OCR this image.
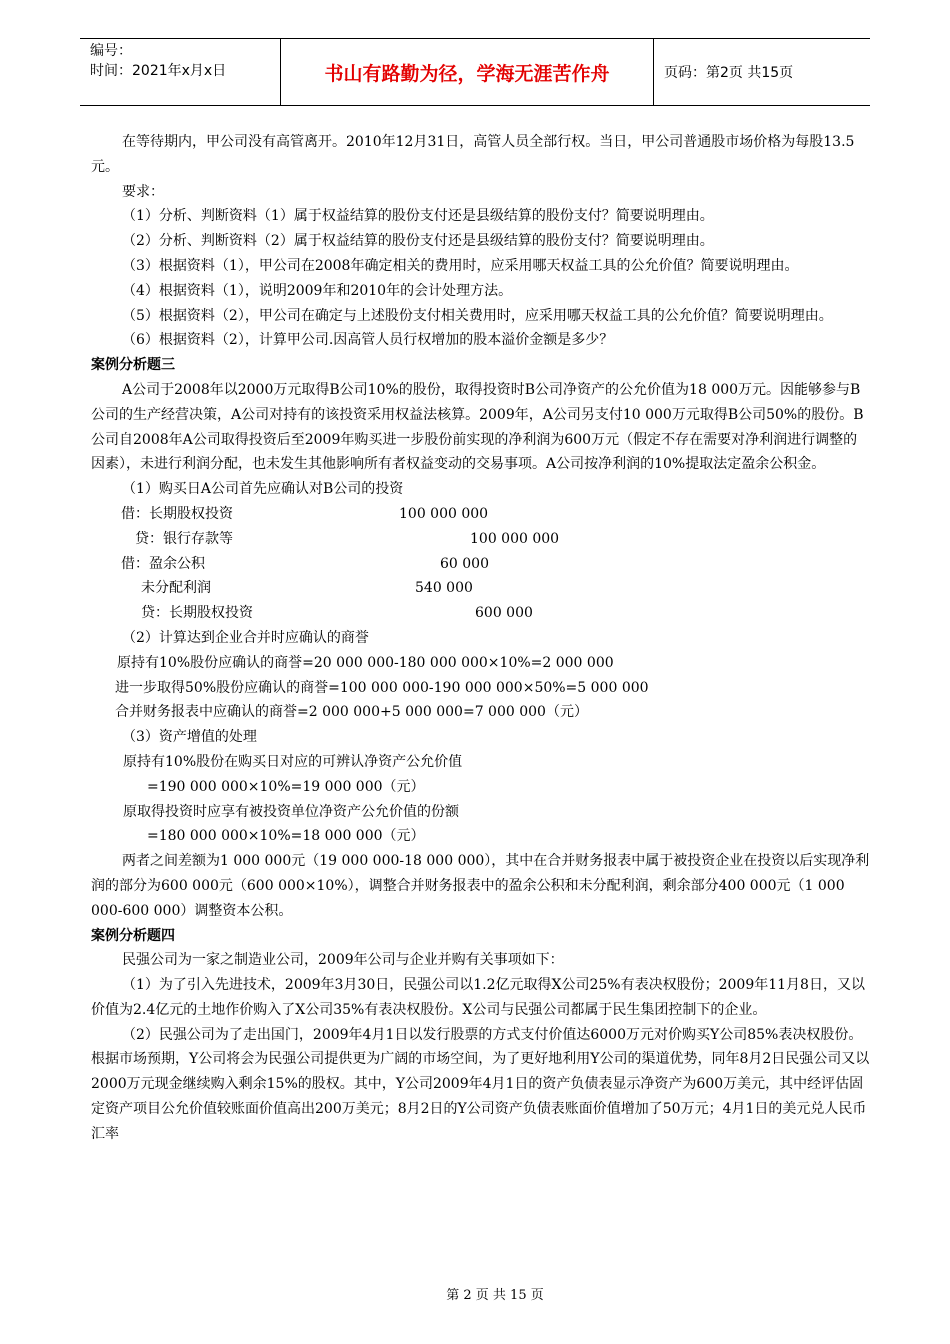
编号：
时间：2021年x月x日	书山有路勤为径，学海无涯苦作舟	页码：第2页 共15页

在等待期内，甲公司没有高管离开。2010年12月31日，高管人员全部行权。当日，甲公司普通股市场价格为每股13.5元。

要求：

（1）分析、判断资料（1）属于权益结算的股份支付还是县级结算的股份支付？简要说明理由。

（2）分析、判断资料（2）属于权益结算的股份支付还是县级结算的股份支付？简要说明理由。

（3）根据资料（1），甲公司在2008年确定相关的费用时，应采用哪天权益工具的公允价值？简要说明理由。

（4）根据资料（1），说明2009年和2010年的会计处理方法。

（5）根据资料（2），甲公司在确定与上述股份支付相关费用时，应采用哪天权益工具的公允价值？简要说明理由。

（6）根据资料（2），计算甲公司.因高管人员行权增加的股本溢价金额是多少？

案例分析题三

A公司于2008年以2000万元取得B公司10%的股份，取得投资时B公司净资产的公允价值为18 000万元。因能够参与B公司的生产经营决策，A公司对持有的该投资采用权益法核算。2009年，A公司另支付10 000万元取得B公司50%的股份。B公司自2008年A公司取得投资后至2009年购买进一步股份前实现的净利润为600万元（假定不存在需要对净利润进行调整的因素），未进行利润分配，也未发生其他影响所有者权益变动的交易事项。A公司按净利润的10%提取法定盈余公积金。

（1）购买日A公司首先应确认对B公司的投资

借：长期股权投资	100 000 000
贷：银行存款等	100 000 000
借：盈余公积	60 000
未分配利润	540 000
贷：长期股权投资	600 000

（2）计算达到企业合并时应确认的商誉

原持有10%股份应确认的商誉=20 000 000-180 000 000×10%=2 000 000

进一步取得50%股份应确认的商誉=100 000 000-190 000 000×50%=5 000 000

合并财务报表中应确认的商誉=2 000 000+5 000 000=7 000 000（元）

（3）资产增值的处理

原持有10%股份在购买日对应的可辨认净资产公允价值

=190 000 000×10%=19 000 000（元）

原取得投资时应享有被投资单位净资产公允价值的份额

=180 000 000×10%=18 000 000（元）

两者之间差额为1 000 000元（19 000 000-18 000 000），其中在合并财务报表中属于被投资企业在投资以后实现净利润的部分为600 000元（600 000×10%），调整合并财务报表中的盈余公积和未分配利润，剩余部分400 000元（1 000 000-600 000）调整资本公积。

案例分析题四

民强公司为一家之制造业公司，2009年公司与企业并购有关事项如下：

（1）为了引入先进技术，2009年3月30日，民强公司以1.2亿元取得X公司25%有表决权股份；2009年11月8日，又以价值为2.4亿元的土地作价购入了X公司35%有表决权股份。X公司与民强公司都属于民生集团控制下的企业。

（2）民强公司为了走出国门，2009年4月1日以发行股票的方式支付价值达6000万元对价购买Y公司85%表决权股份。根据市场预期，Y公司将会为民强公司提供更为广阔的市场空间，为了更好地利用Y公司的渠道优势，同年8月2日民强公司又以2000万元现金继续购入剩余15%的股权。其中，Y公司2009年4月1日的资产负债表显示净资产为600万美元，其中经评估固定资产项目公允价值较账面价值高出200万美元；8月2日的Y公司资产负债表账面价值增加了50万元；4月1日的美元兑人民币汇率

第 2 页 共 15 页
